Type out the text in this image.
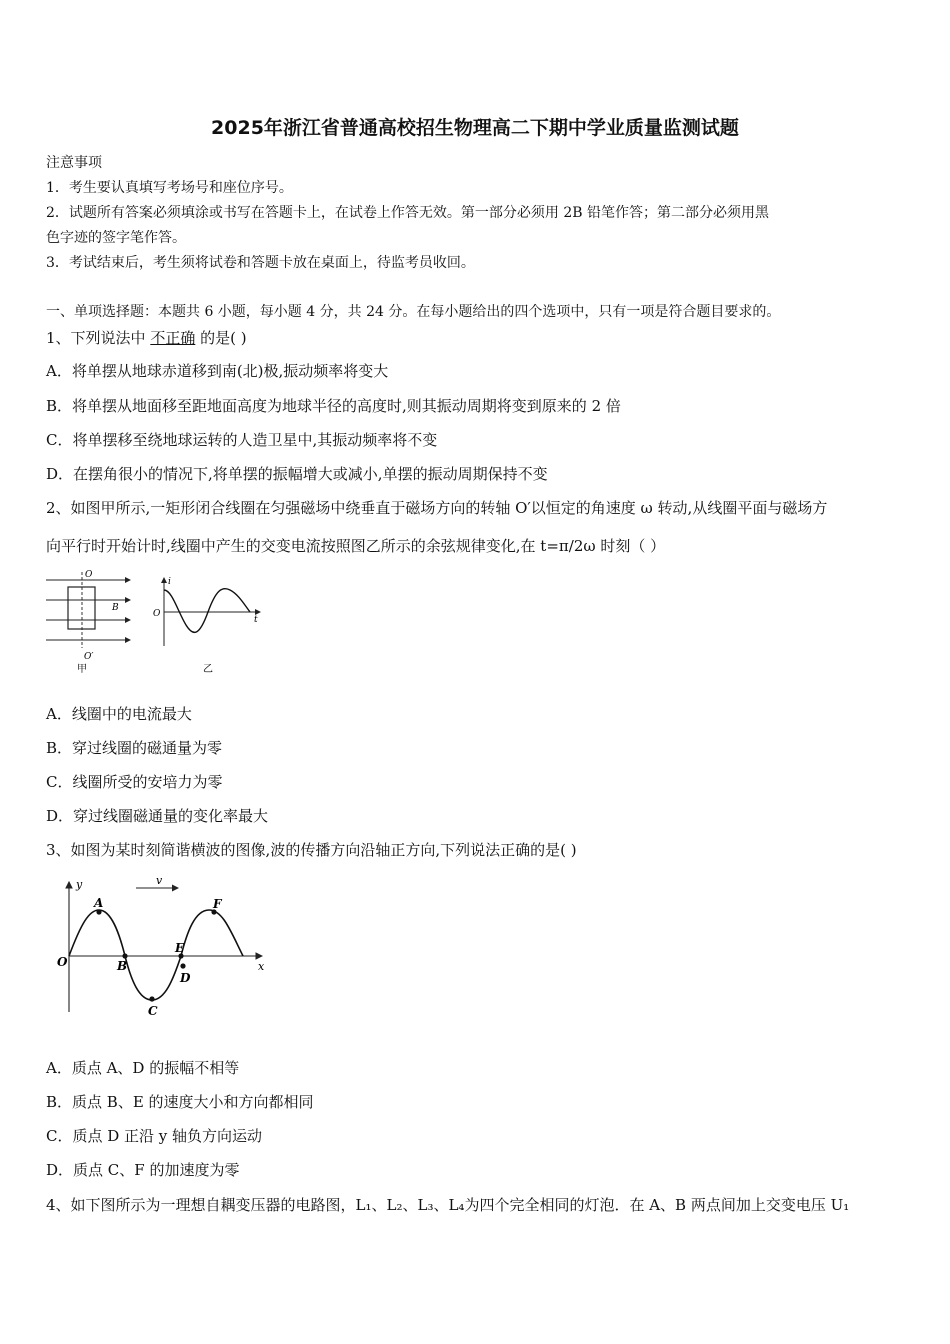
2025年浙江省普通高校招生物理高二下期中学业质量监测试题
注意事项
1．考生要认真填写考场号和座位序号。
2．试题所有答案必须填涂或书写在答题卡上，在试卷上作答无效。第一部分必须用 2B 铅笔作答；第二部分必须用黑
色字迹的签字笔作答。
3．考试结束后，考生须将试卷和答题卡放在桌面上，待监考员收回。
一、单项选择题：本题共 6 小题，每小题 4 分，共 24 分。在每小题给出的四个选项中，只有一项是符合题目要求的。
1、下列说法中 不正确 的是( )
A．将单摆从地球赤道移到南(北)极,振动频率将变大
B．将单摆从地面移至距地面高度为地球半径的高度时,则其振动周期将变到原来的 2 倍
C．将单摆移至绕地球运转的人造卫星中,其振动频率将不变
D．在摆角很小的情况下,将单摆的振幅增大或减小,单摆的振动周期保持不变
2、如图甲所示,一矩形闭合线圈在匀强磁场中绕垂直于磁场方向的转轴 O′以恒定的角速度 ω 转动,从线圈平面与磁场方
向平行时开始计时,线圈中产生的交变电流按照图乙所示的余弦规律变化,在 t=π/2ω 时刻（ ）
O
O′
B
甲
i
t
O
乙
A．线圈中的电流最大
B．穿过线圈的磁通量为零
C．线圈所受的安培力为零
D．穿过线圈磁通量的变化率最大
3、如图为某时刻简谐横波的图像,波的传播方向沿轴正方向,下列说法正确的是( )
y
x
v
O
A
B
C
D
E
F
A．质点 A、D 的振幅不相等
B．质点 B、E 的速度大小和方向都相同
C．质点 D 正沿 y 轴负方向运动
D．质点 C、F 的加速度为零
4、如下图所示为一理想自耦变压器的电路图，L₁、L₂、L₃、L₄为四个完全相同的灯泡．在 A、B 两点间加上交变电压 U₁
